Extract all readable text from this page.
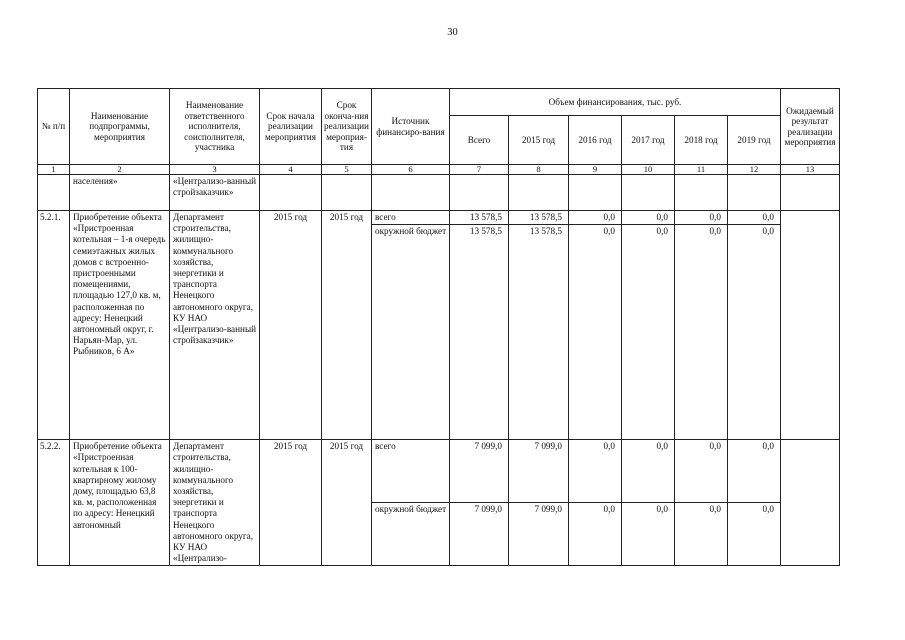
30
№ п/п	Наименование подпрограммы, мероприятия	Наименование ответственного исполнителя, соисполнителя, участника	Срок начала реализации мероприятия	Срок оконча-ния реализации мероприя-тия	Источник финансиро-вания	Объем финансирования, тыс. руб.						Ожидаемый результат реализации мероприятия
						Всего	2015 год	2016 год	2017 год	2018 год	2019 год	
1	2	3	4	5	6	7	8	9	10	11	12	13
	населения»	«Централизо-ванный стройзаказчик»										
5.2.1.	Приобретение объекта «Пристроенная котельная – 1-я очередь семиэтажных жилых домов с встроенно-пристроенными помещениями, площадью 127,0 кв. м, расположенная по адресу: Ненецкий автономный округ, г. Нарьян-Мар, ул. Рыбников, 6 А»	Департамент строительства, жилищно-коммунального хозяйства, энергетики и транспорта Ненецкого автономного округа, КУ НАО «Централизо-ванный стройзаказчик»	2015 год	2015 год	всего	13 578,5	13 578,5	0,0	0,0	0,0	0,0	
					окружной бюджет	13 578,5	13 578,5	0,0	0,0	0,0	0,0	
5.2.2.	Приобретение объекта «Пристроенная котельная к 100-квартирному жилому дому, площадью 63,8 кв. м, расположенная по адресу: Ненецкий автономный	Департамент строительства, жилищно-коммунального хозяйства, энергетики и транспорта Ненецкого автономного округа, КУ НАО «Централизо-	2015 год	2015 год	всего	7 099,0	7 099,0	0,0	0,0	0,0	0,0	
					окружной бюджет	7 099,0	7 099,0	0,0	0,0	0,0	0,0	
